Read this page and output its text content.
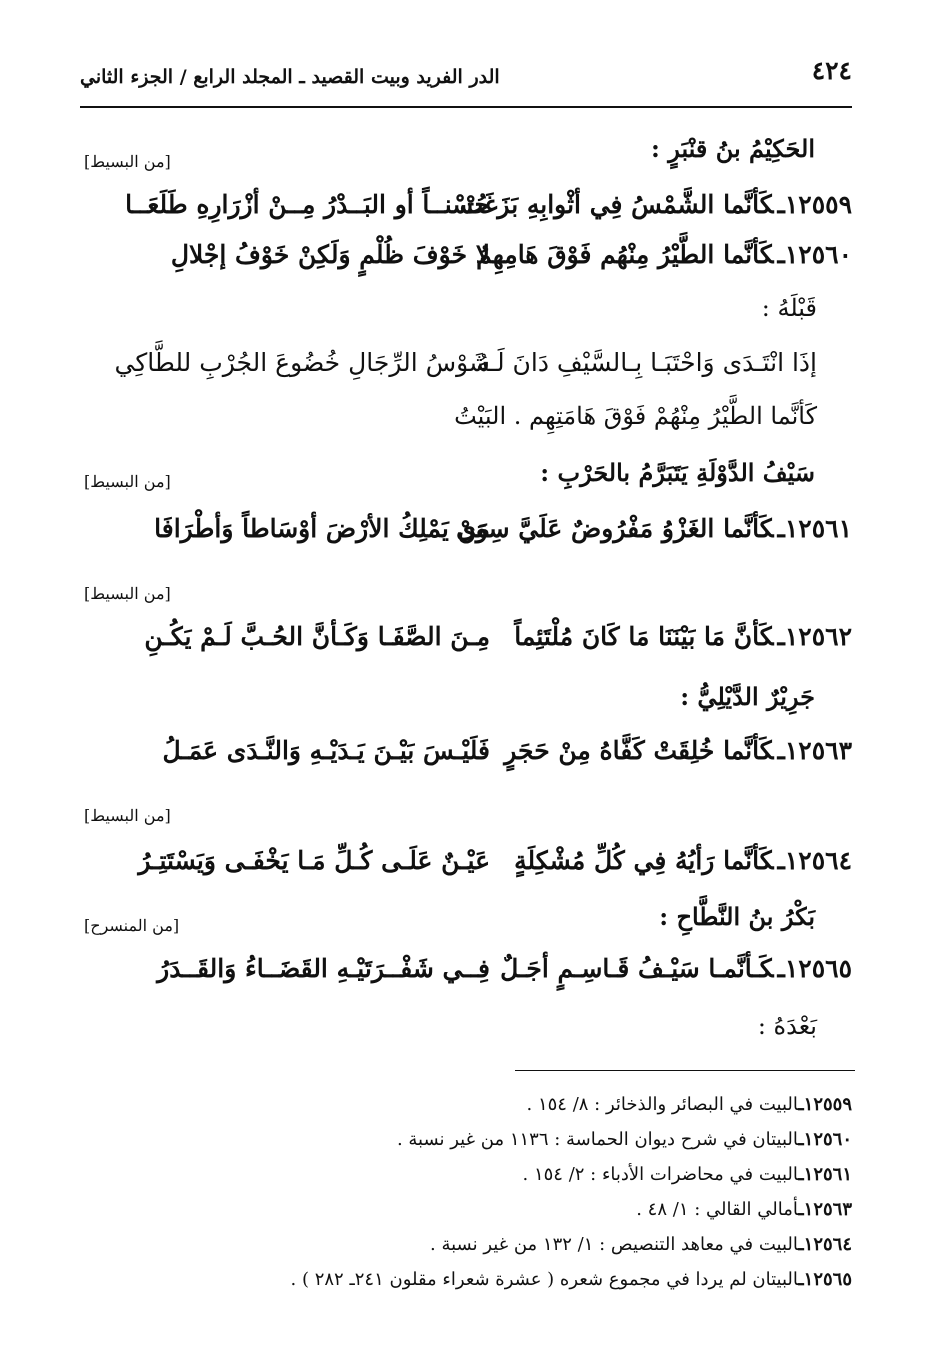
٤٢٤
الدر الفريد وبيت القصيد ـ المجلد الرابع / الجزء الثاني
الحَكِيْمُ بنُ قنْبَرٍ :
[من البسيط]
١٢٥٥٩ـكَأنَّما الشَّمْسُ فِي أثْوابِهِ بَزَغَتْ
حُسْنــاً أو البَــدْرُ مِــنْ أزْرَارِهِ طَلَعَــا
١٢٥٦٠ـكَأنَّما الطَّيْرُ مِنْهُم فَوْقَ هَامِهِمُ
لا خَوْفَ ظُلْمٍ وَلَكِنْ خَوْفُ إجْلالِ
قَبْلَهُ :
إذَا انْتَـدَى وَاحْتَبَـا بِـالسَّيْفِ دَانَ لَـهُ
شَوْسُ الرِّجَالِ خُضُوعَ الجُرْبِ للطَّاكِي
كَأنَّما الطَّيْرُ مِنْهُمْ فَوْقَ هَامَتِهِم . البَيْتُ
سَيْفُ الدَّوْلَةِ يَتَبَرَّمُ بالحَرْبِ :
[من البسيط]
١٢٥٦١ـكَأنَّما الغَزْوُ مَفْرُوضٌ عَلَيَّ سِوَى
مَنْ يَمْلِكُ الأرْضَ أوْسَاطاً وَأطْرَافَا
[من البسيط]
١٢٥٦٢ـكَأنَّ مَا بَيْنَنَا مَا كَانَ مُلْتَئِماً
مِـنَ الصَّفَـا وَكَـأنَّ الحُـبَّ لَـمْ يَكُـنِ
جَرِيْرٌ الدَّيْلِيُّ :
١٢٥٦٣ـكَأنَّما خُلِقَتْ كَفَّاهُ مِنْ حَجَرٍ
فَلَيْـسَ بَيْـنَ يَـدَيْـهِ وَالنَّـدَى عَمَـلُ
[من البسيط]
١٢٥٦٤ـكَأنَّما رَأيُهُ فِي كُلِّ مُشْكِلَةٍ
عَيْـنٌ عَلَـى كُـلِّ مَـا يَخْفَـى وَيَسْتَتِـرُ
بَكْرُ بنُ النَّطَّاحِ :
[من المنسرح]
١٢٥٦٥ـكَـأنَّمـا سَيْـفُ قَـاسِـمٍ أجَـلٌ
فِــي شَفْــرَتَيْـهِ القَضَــاءُ وَالقَــدَرُ
بَعْدَهُ :
١٢٥٥٩ـالبيت في البصائر والذخائر : ٨/ ١٥٤ .
١٢٥٦٠ـالبيتان في شرح ديوان الحماسة : ١١٣٦ من غير نسبة .
١٢٥٦١ـالبيت في محاضرات الأدباء : ٢/ ١٥٤ .
١٢٥٦٣ـأمالي القالي : ١/ ٤٨ .
١٢٥٦٤ـالبيت في معاهد التنصيص : ١/ ١٣٢ من غير نسبة .
١٢٥٦٥ـالبيتان لم يردا في مجموع شعره ( عشرة شعراء مقلون ٢٤١ـ ٢٨٢ ) .
